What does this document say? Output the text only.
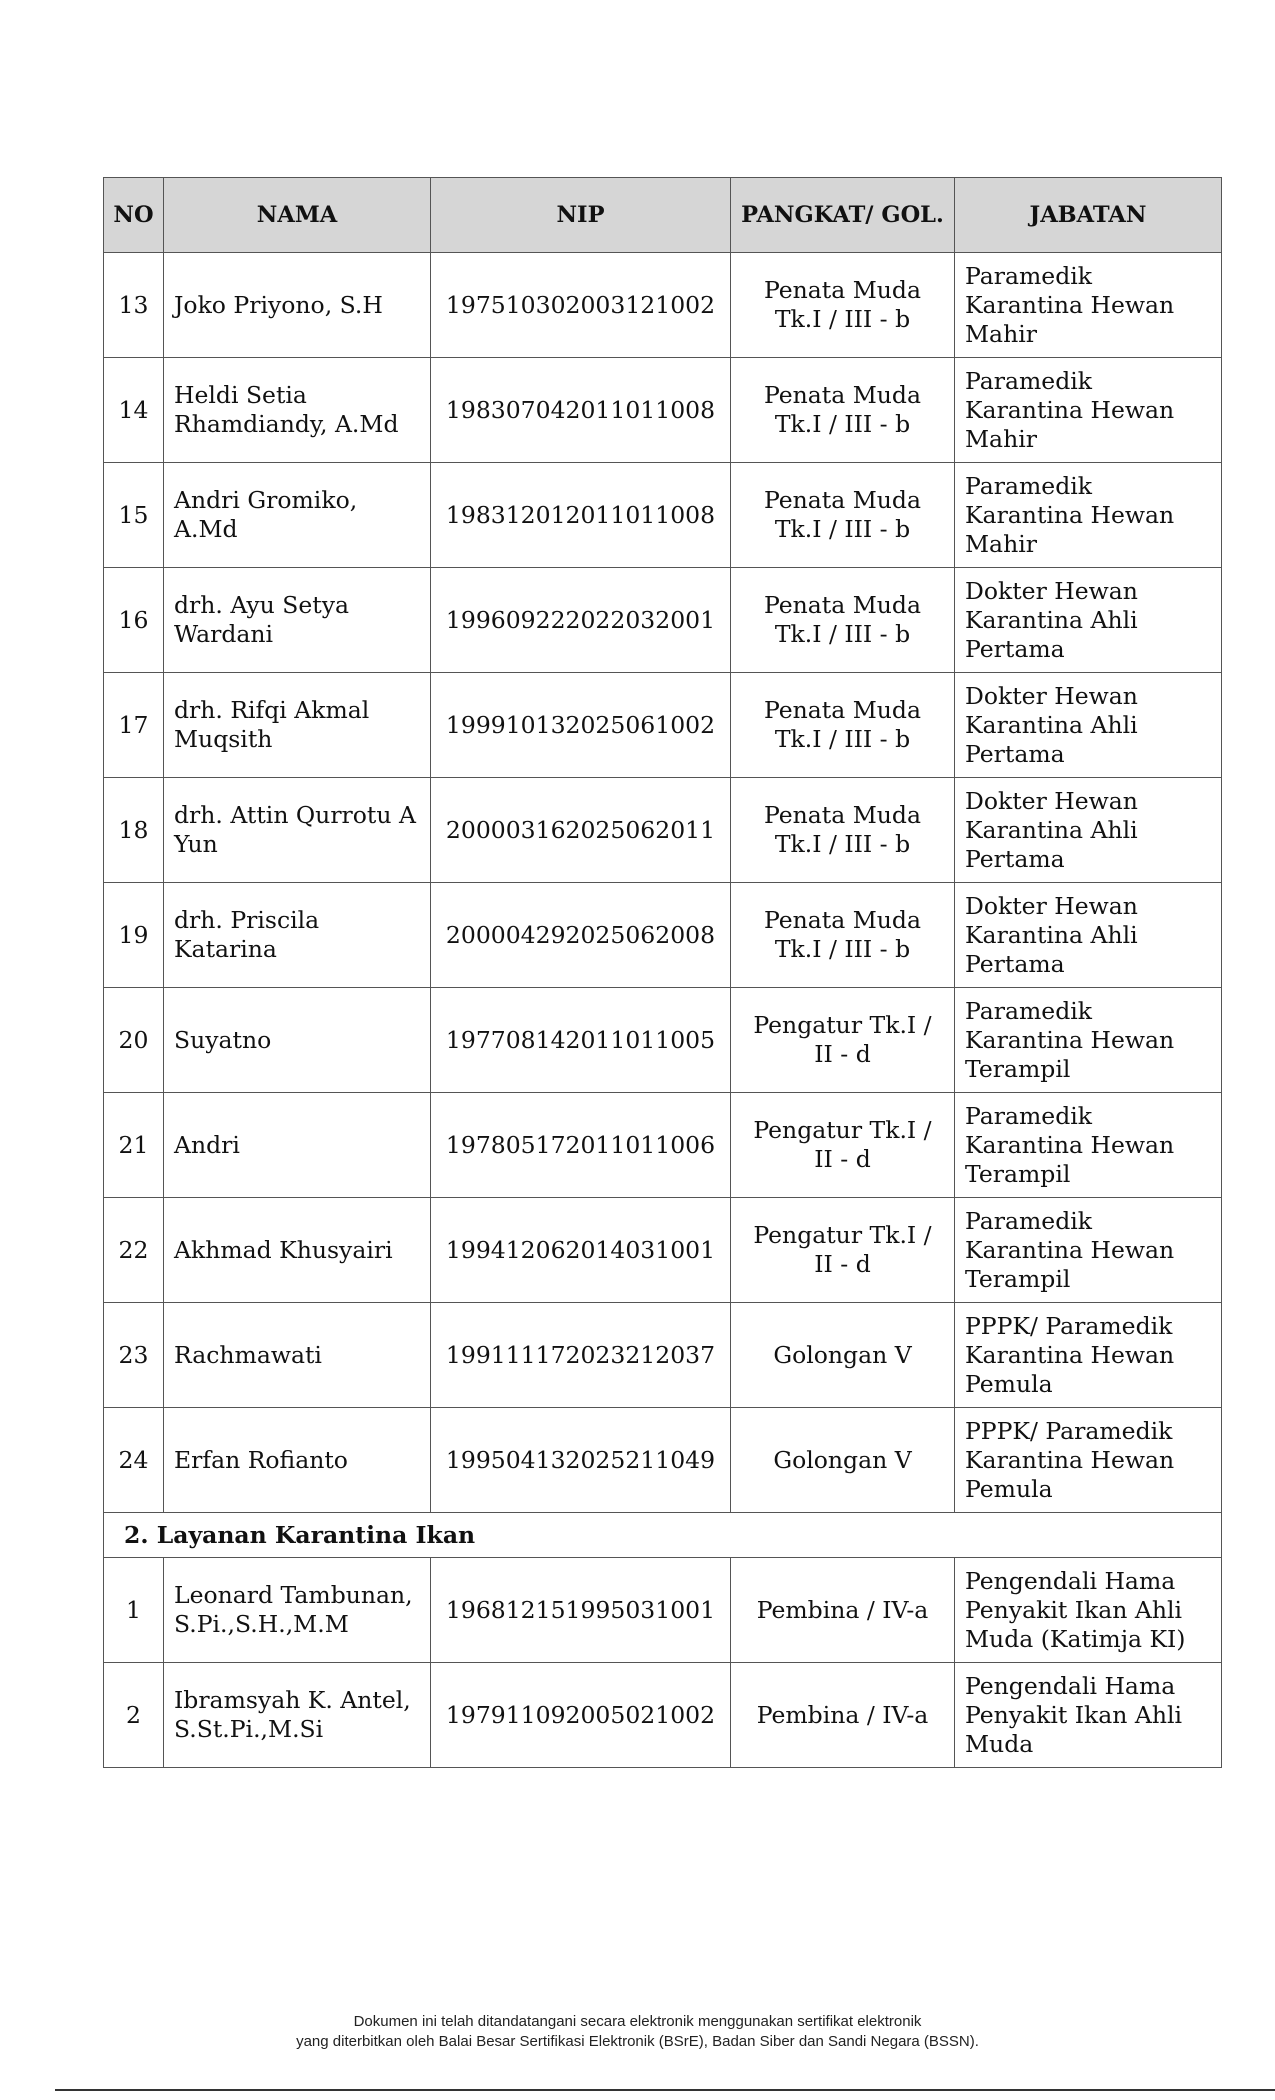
NO	NAMA	NIP	PANGKAT/ GOL.	JABATAN
13	Joko Priyono, S.H	197510302003121002	Penata Muda Tk.I / III - b	Paramedik Karantina Hewan Mahir
14	Heldi Setia Rhamdiandy, A.Md	198307042011011008	Penata Muda Tk.I / III - b	Paramedik Karantina Hewan Mahir
15	Andri Gromiko, A.Md	198312012011011008	Penata Muda Tk.I / III - b	Paramedik Karantina Hewan Mahir
16	drh. Ayu Setya Wardani	199609222022032001	Penata Muda Tk.I / III - b	Dokter Hewan Karantina Ahli Pertama
17	drh. Rifqi Akmal Muqsith	199910132025061002	Penata Muda Tk.I / III - b	Dokter Hewan Karantina Ahli Pertama
18	drh. Attin Qurrotu A Yun	200003162025062011	Penata Muda Tk.I / III - b	Dokter Hewan Karantina Ahli Pertama
19	drh. Priscila Katarina	200004292025062008	Penata Muda Tk.I / III - b	Dokter Hewan Karantina Ahli Pertama
20	Suyatno	197708142011011005	Pengatur Tk.I / II - d	Paramedik Karantina Hewan Terampil
21	Andri	197805172011011006	Pengatur Tk.I / II - d	Paramedik Karantina Hewan Terampil
22	Akhmad Khusyairi	199412062014031001	Pengatur Tk.I / II - d	Paramedik Karantina Hewan Terampil
23	Rachmawati	199111172023212037	Golongan V	PPPK/ Paramedik Karantina Hewan Pemula
24	Erfan Rofianto	199504132025211049	Golongan V	PPPK/ Paramedik Karantina Hewan Pemula
2. Layanan Karantina Ikan				
1	Leonard Tambunan, S.Pi.,S.H.,M.M	196812151995031001	Pembina / IV-a	Pengendali Hama Penyakit Ikan Ahli Muda (Katimja KI)
2	Ibramsyah K. Antel, S.St.Pi.,M.Si	197911092005021002	Pembina / IV-a	Pengendali Hama Penyakit Ikan Ahli Muda
Dokumen ini telah ditandatangani secara elektronik menggunakan sertifikat elektronik
yang diterbitkan oleh Balai Besar Sertifikasi Elektronik (BSrE), Badan Siber dan Sandi Negara (BSSN).
